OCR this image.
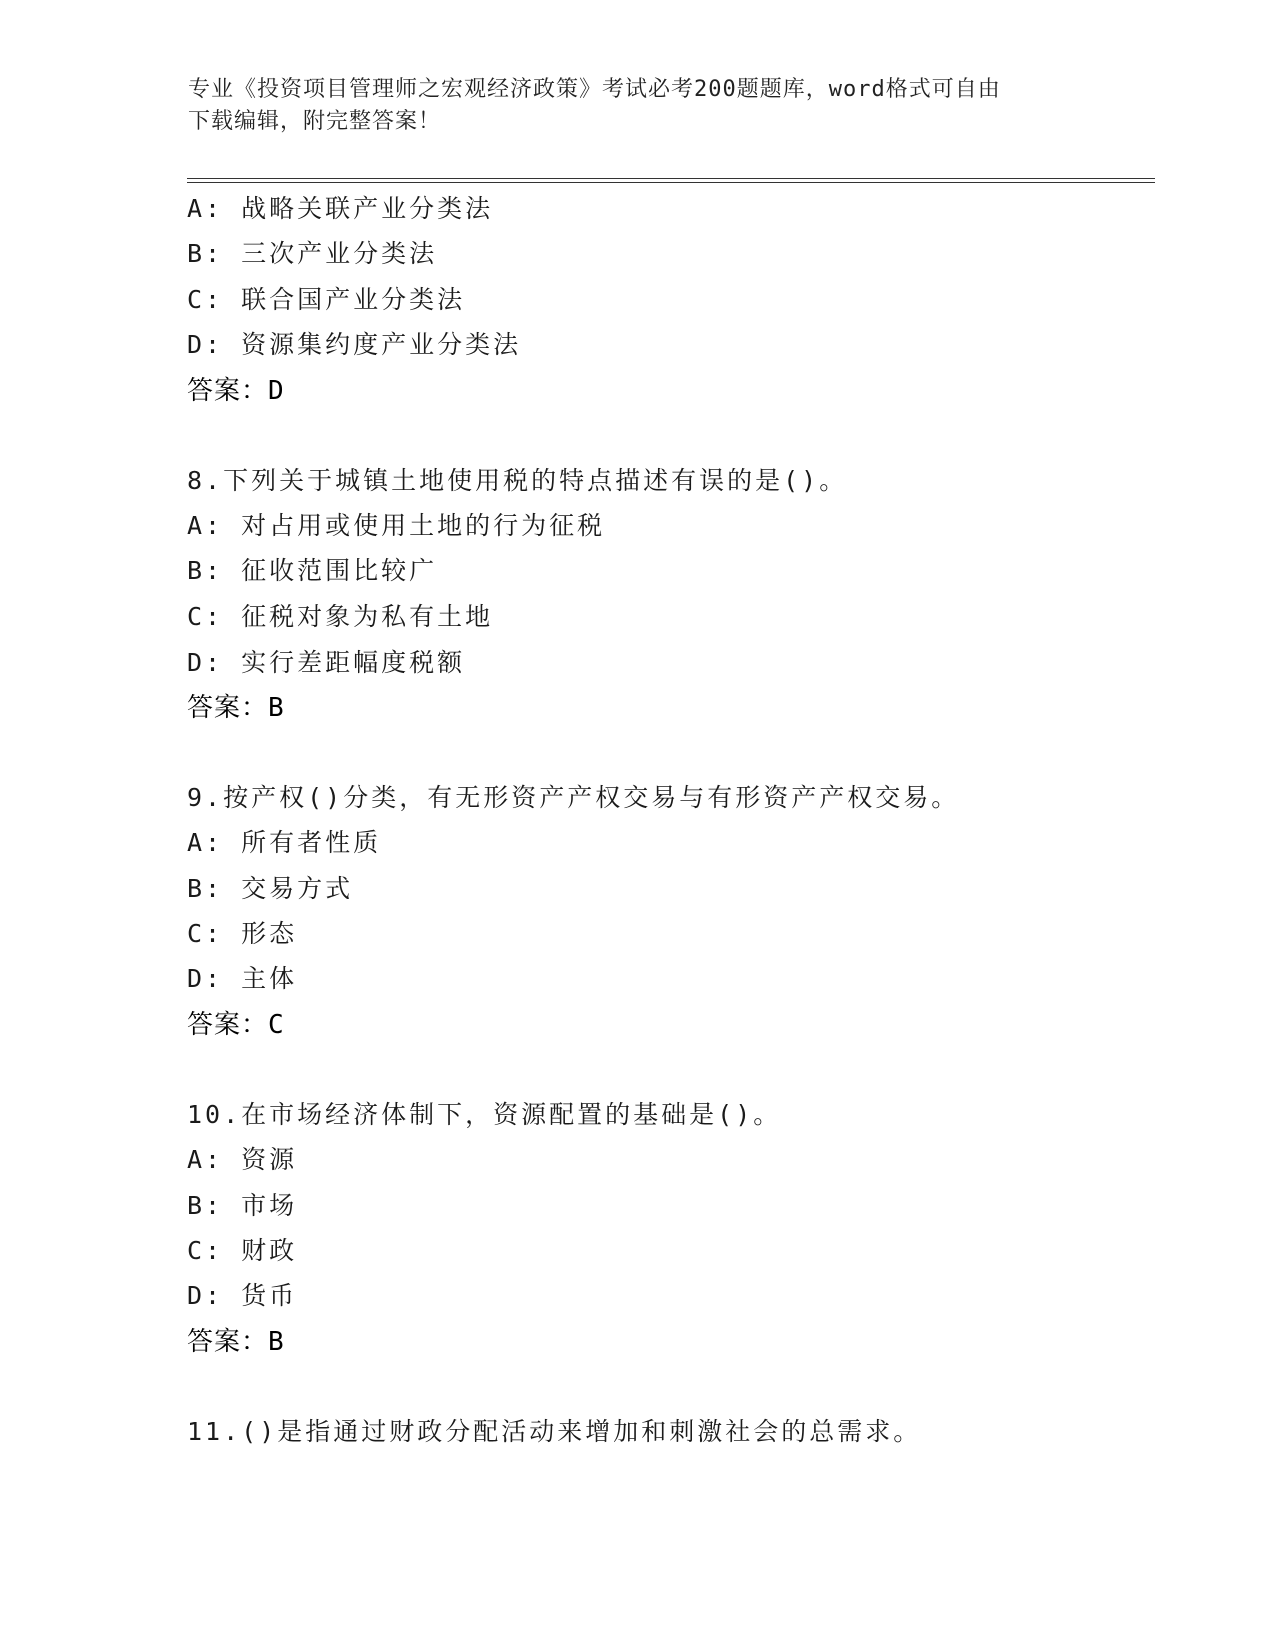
专业《投资项目管理师之宏观经济政策》考试必考200题题库，word格式可自由
下载编辑，附完整答案！
A: 战略关联产业分类法
B: 三次产业分类法
C: 联合国产业分类法
D: 资源集约度产业分类法
答案：D
8.下列关于城镇土地使用税的特点描述有误的是()。
A: 对占用或使用土地的行为征税
B: 征收范围比较广
C: 征税对象为私有土地
D: 实行差距幅度税额
答案：B
9.按产权()分类，有无形资产产权交易与有形资产产权交易。
A: 所有者性质
B: 交易方式
C: 形态
D: 主体
答案：C
10.在市场经济体制下，资源配置的基础是()。
A: 资源
B: 市场
C: 财政
D: 货币
答案：B
11.()是指通过财政分配活动来增加和刺激社会的总需求。
